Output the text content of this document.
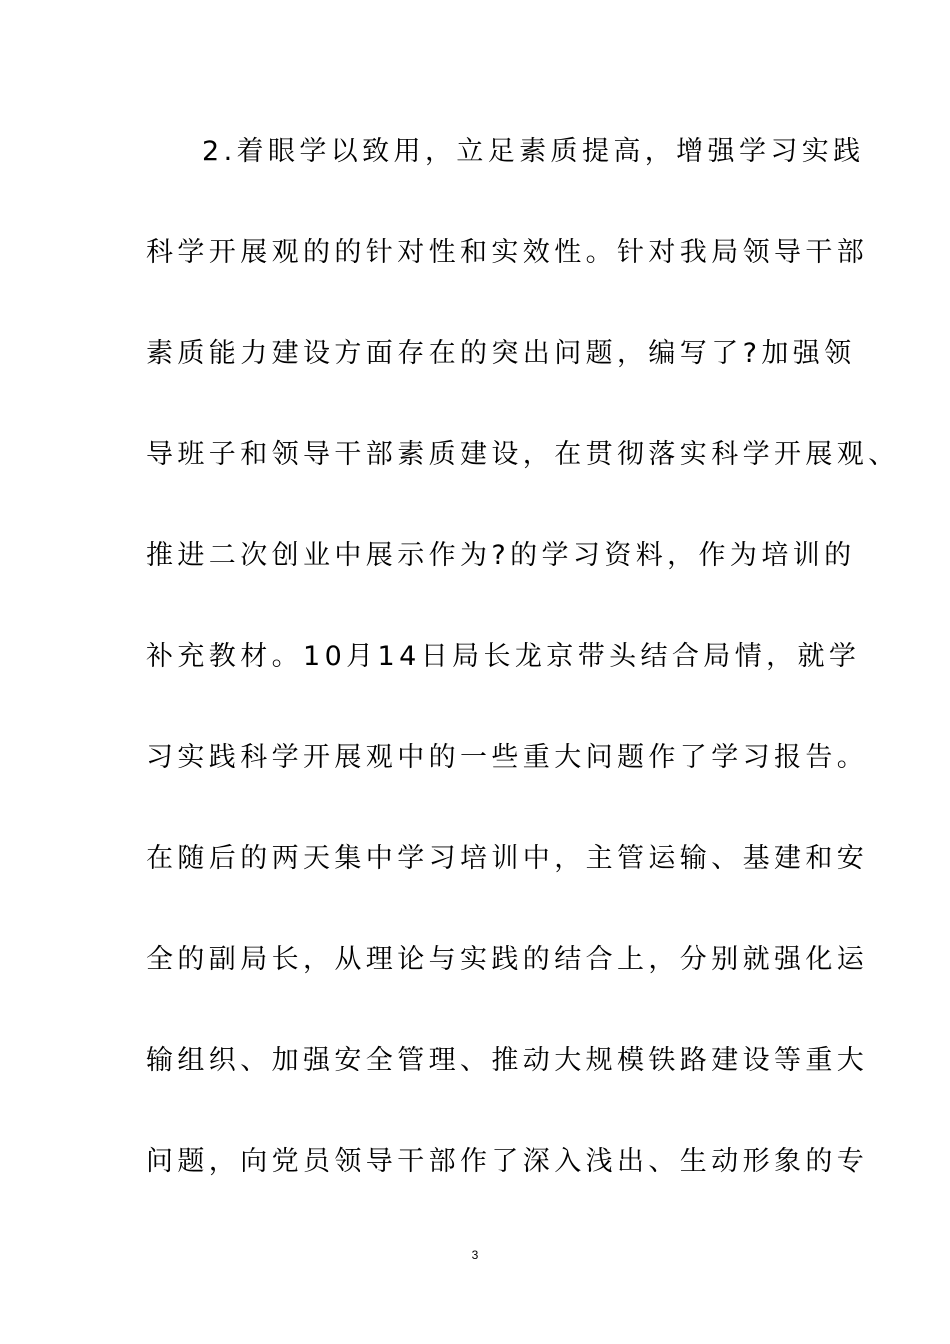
2.着眼学以致用，立足素质提高，增强学习实践
科学开展观的的针对性和实效性。针对我局领导干部
素质能力建设方面存在的突出问题，编写了?加强领
导班子和领导干部素质建设，在贯彻落实科学开展观、
推进二次创业中展示作为?的学习资料，作为培训的
补充教材。10月14日局长龙京带头结合局情，就学
习实践科学开展观中的一些重大问题作了学习报告。
在随后的两天集中学习培训中，主管运输、基建和安
全的副局长，从理论与实践的结合上，分别就强化运
输组织、加强安全管理、推动大规模铁路建设等重大
问题，向党员领导干部作了深入浅出、生动形象的专
3
